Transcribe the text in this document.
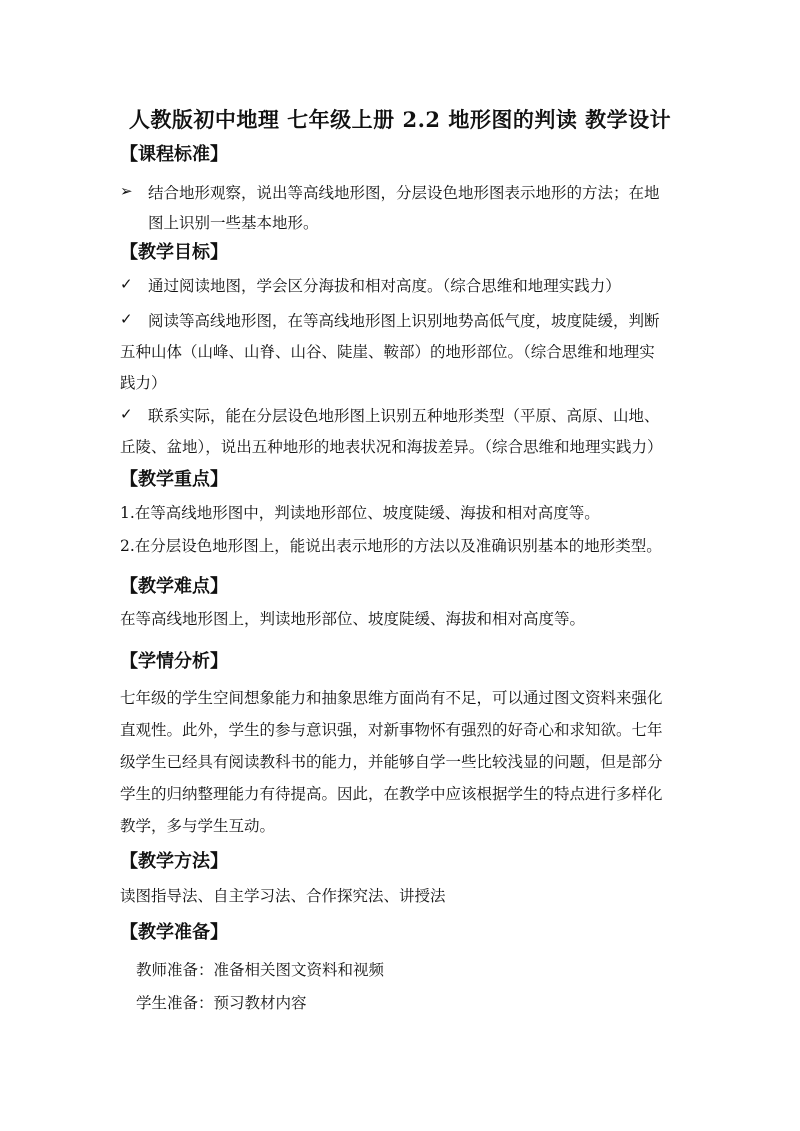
人教版初中地理 七年级上册 2.2 地形图的判读 教学设计
【课程标准】
➢ 结合地形观察，说出等高线地形图，分层设色地形图表示地形的方法；在地
图上识别一些基本地形。
【教学目标】
✓ 通过阅读地图，学会区分海拔和相对高度。（综合思维和地理实践力）
✓ 阅读等高线地形图，在等高线地形图上识别地势高低气度，坡度陡缓，判断
五种山体（山峰、山脊、山谷、陡崖、鞍部）的地形部位。（综合思维和地理实
践力）
✓ 联系实际，能在分层设色地形图上识别五种地形类型（平原、高原、山地、
丘陵、盆地），说出五种地形的地表状况和海拔差异。（综合思维和地理实践力）
【教学重点】
1.在等高线地形图中，判读地形部位、坡度陡缓、海拔和相对高度等。
2.在分层设色地形图上，能说出表示地形的方法以及准确识别基本的地形类型。
【教学难点】
在等高线地形图上，判读地形部位、坡度陡缓、海拔和相对高度等。
【学情分析】
七年级的学生空间想象能力和抽象思维方面尚有不足，可以通过图文资料来强化
直观性。此外，学生的参与意识强，对新事物怀有强烈的好奇心和求知欲。七年
级学生已经具有阅读教科书的能力，并能够自学一些比较浅显的问题，但是部分
学生的归纳整理能力有待提高。因此，在教学中应该根据学生的特点进行多样化
教学，多与学生互动。
【教学方法】
读图指导法、自主学习法、合作探究法、讲授法
【教学准备】
教师准备：准备相关图文资料和视频
学生准备：预习教材内容
